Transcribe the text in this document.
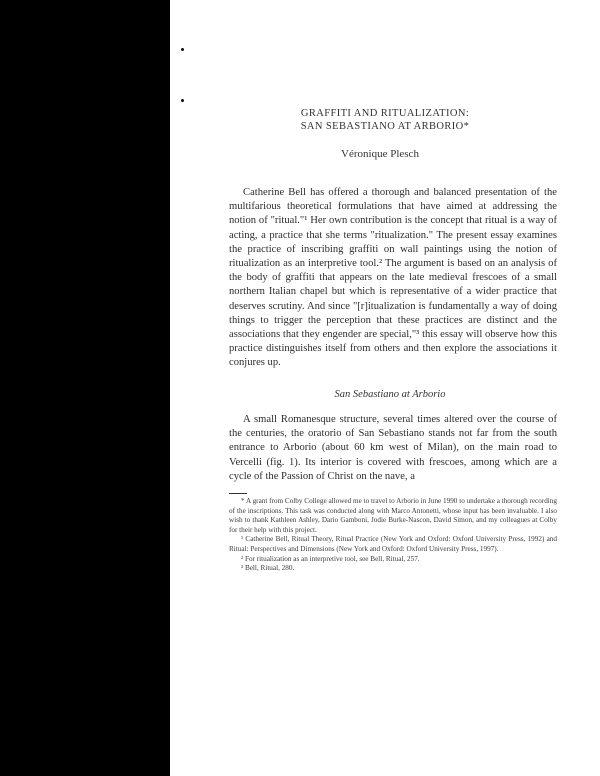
GRAFFITI AND RITUALIZATION:
SAN SEBASTIANO AT ARBORIO*
Véronique Plesch

Catherine Bell has offered a thorough and balanced presentation of the multifarious theoretical formulations that have aimed at addressing the notion of "ritual."¹ Her own contribution is the concept that ritual is a way of acting, a practice that she terms "ritualization." The present essay examines the practice of inscribing graffiti on wall paintings using the notion of ritualization as an interpretive tool.² The argument is based on an analysis of the body of graffiti that appears on the late medieval frescoes of a small northern Italian chapel but which is representative of a wider practice that deserves scrutiny. And since "[r]itualization is fundamentally a way of doing things to trigger the perception that these practices are distinct and the associations that they engender are special,"³ this essay will observe how this practice distinguishes itself from others and then explore the associations it conjures up.

San Sebastiano at Arborio

A small Romanesque structure, several times altered over the course of the centuries, the oratorio of San Sebastiano stands not far from the south entrance to Arborio (about 60 km west of Milan), on the main road to Vercelli (fig. 1). Its interior is covered with frescoes, among which are a cycle of the Passion of Christ on the nave, a

* A grant from Colby College allowed me to travel to Arborio in June 1990 to undertake a thorough recording of the inscriptions. This task was conducted along with Marco Antonetti, whose input has been invaluable. I also wish to thank Kathleen Ashley, Dario Gamboni, Jodie Burke-Nascon, David Simon, and my colleagues at Colby for their help with this project.

¹ Catherine Bell, Ritual Theory, Ritual Practice (New York and Oxford: Oxford University Press, 1992) and Ritual: Perspectives and Dimensions (New York and Oxford: Oxford University Press, 1997).

² For ritualization as an interpretive tool, see Bell, Ritual, 257.

³ Bell, Ritual, 280.
